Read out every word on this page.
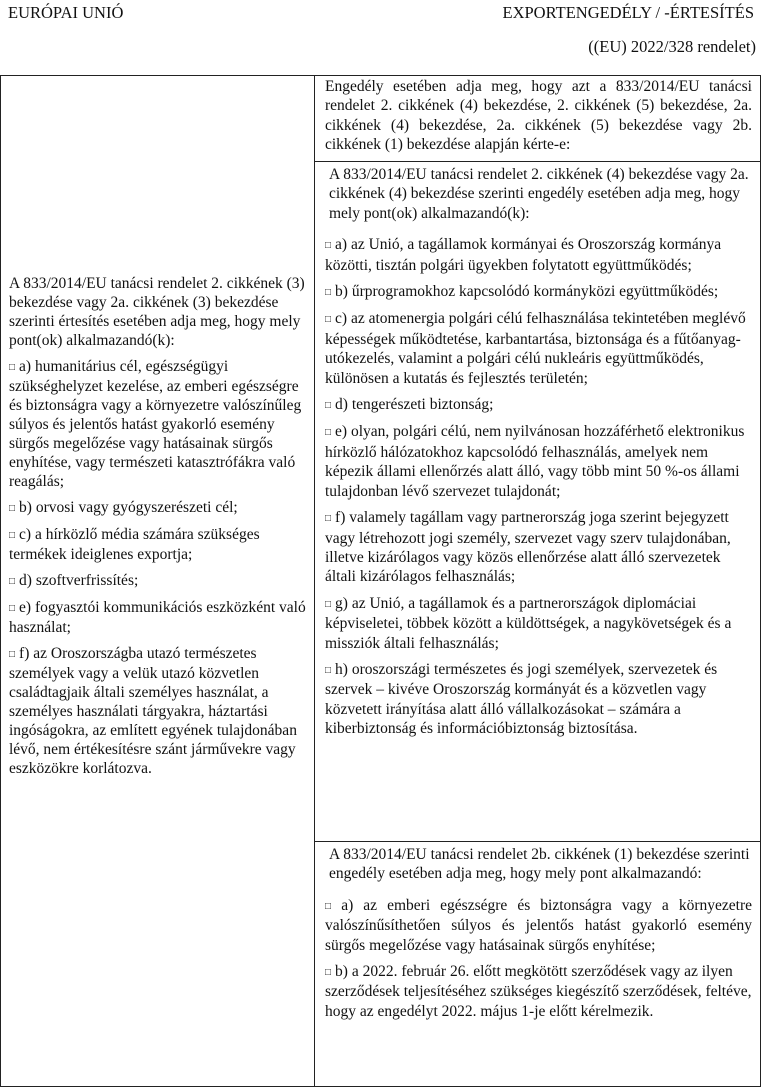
EURÓPAI UNIÓ	EXPORTENGEDÉLY / -ÉRTESÍTÉS
((EU) 2022/328 rendelet)

A 833/2014/EU tanácsi rendelet 2. cikkének (3) bekezdése vagy 2a. cikkének (3) bekezdése szerinti értesítés esetében adja meg, hogy mely pont(ok) alkalmazandó(k):

□ a) humanitárius cél, egészségügyi szükséghelyzet kezelése, az emberi egészségre és biztonságra vagy a környezetre valószínűleg súlyos és jelentős hatást gyakorló esemény sürgős megelőzése vagy hatásainak sürgős enyhítése, vagy természeti katasztrófákra való reagálás;

□ b) orvosi vagy gyógyszerészeti cél;

□ c) a hírközlő média számára szükséges termékek ideiglenes exportja;

□ d) szoftverfrissítés;

□ e) fogyasztói kommunikációs eszközként való használat;

□ f) az Oroszországba utazó természetes személyek vagy a velük utazó közvetlen családtagjaik általi személyes használat, a személyes használati tárgyakra, háztartási ingóságokra, az említett egyének tulajdonában lévő, nem értékesítésre szánt járművekre vagy eszközökre korlátozva.

Engedély esetében adja meg, hogy azt a 833/2014/EU tanácsi rendelet 2. cikkének (4) bekezdése, 2. cikkének (5) bekezdése, 2a. cikkének (4) bekezdése, 2a. cikkének (5) bekezdése vagy 2b. cikkének (1) bekezdése alapján kérte-e:

A 833/2014/EU tanácsi rendelet 2. cikkének (4) bekezdése vagy 2a. cikkének (4) bekezdése szerinti engedély esetében adja meg, hogy mely pont(ok) alkalmazandó(k):

□ a) az Unió, a tagállamok kormányai és Oroszország kormánya közötti, tisztán polgári ügyekben folytatott együttműködés;

□ b) űrprogramokhoz kapcsolódó kormányközi együttműködés;

□ c) az atomenergia polgári célú felhasználása tekintetében meglévő képességek működtetése, karbantartása, biztonsága és a fűtőanyag-utókezelés, valamint a polgári célú nukleáris együttműködés, különösen a kutatás és fejlesztés területén;

□ d) tengerészeti biztonság;

□ e) olyan, polgári célú, nem nyilvánosan hozzáférhető elektronikus hírközlő hálózatokhoz kapcsolódó felhasználás, amelyek nem képezik állami ellenőrzés alatt álló, vagy több mint 50 %-os állami tulajdonban lévő szervezet tulajdonát;

□ f) valamely tagállam vagy partnerország joga szerint bejegyzett vagy létrehozott jogi személy, szervezet vagy szerv tulajdonában, illetve kizárólagos vagy közös ellenőrzése alatt álló szervezetek általi kizárólagos felhasználás;

□ g) az Unió, a tagállamok és a partnerországok diplomáciai képviseletei, többek között a küldöttségek, a nagykövetségek és a missziók általi felhasználás;

□ h) oroszországi természetes és jogi személyek, szervezetek és szervek – kivéve Oroszország kormányát és a közvetlen vagy közvetett irányítása alatt álló vállalkozásokat – számára a kiberbiztonság és információbiztonság biztosítása.

A 833/2014/EU tanácsi rendelet 2b. cikkének (1) bekezdése szerinti engedély esetében adja meg, hogy mely pont alkalmazandó:

□ a) az emberi egészségre és biztonságra vagy a környezetre valószínűsíthetően súlyos és jelentős hatást gyakorló esemény sürgős megelőzése vagy hatásainak sürgős enyhítése;

□ b) a 2022. február 26. előtt megkötött szerződések vagy az ilyen szerződések teljesítéséhez szükséges kiegészítő szerződések, feltéve, hogy az engedélyt 2022. május 1-je előtt kérelmezik.
